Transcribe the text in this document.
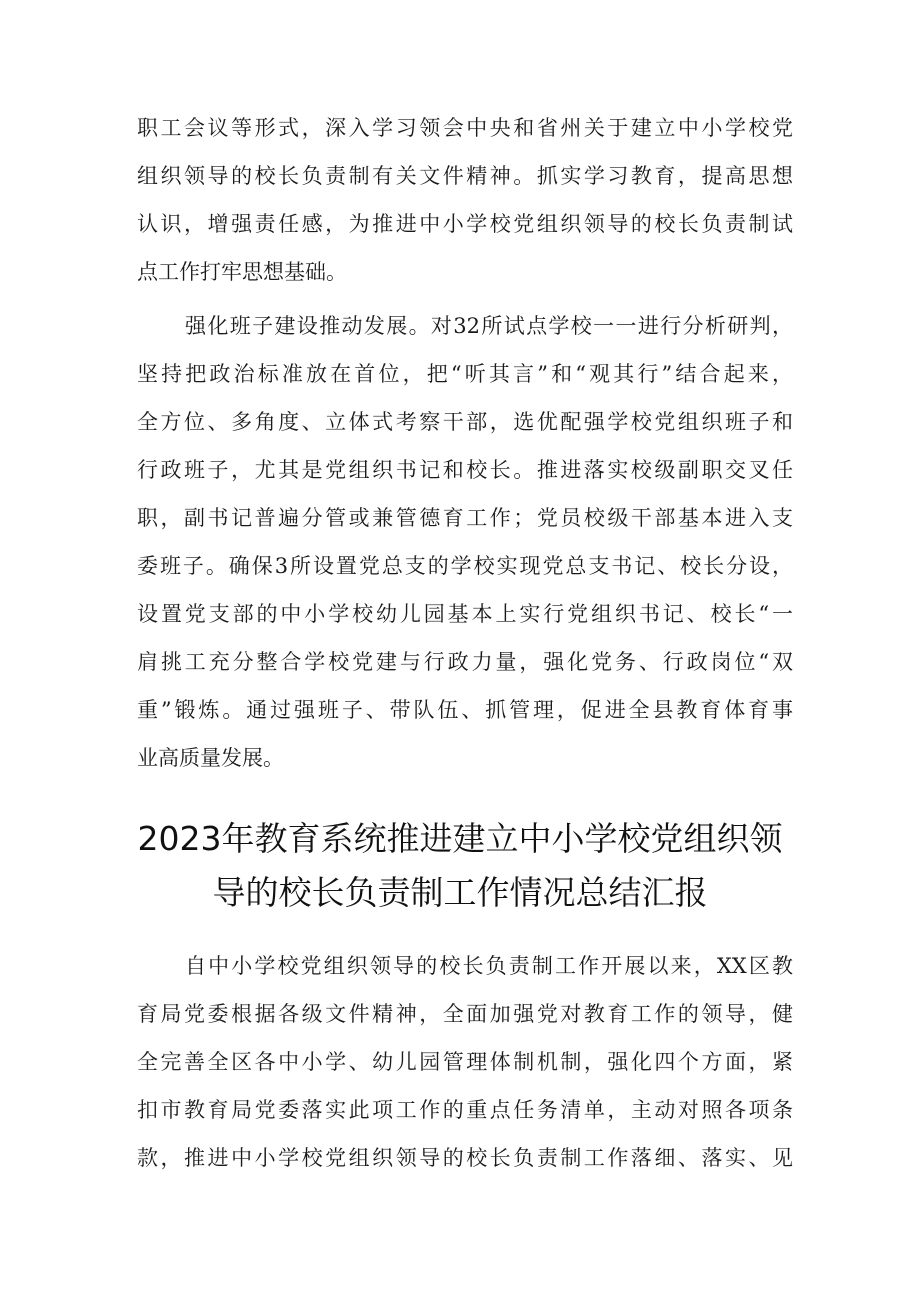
职工会议等形式，深入学习领会中央和省州关于建立中小学校党

组织领导的校长负责制有关文件精神。抓实学习教育，提高思想

认识，增强责任感，为推进中小学校党组织领导的校长负责制试

点工作打牢思想基础。

强化班子建设推动发展。对32所试点学校一一进行分析研判，

坚持把政治标准放在首位，把“听其言”和“观其行”结合起来，

全方位、多角度、立体式考察干部，选优配强学校党组织班子和

行政班子，尤其是党组织书记和校长。推进落实校级副职交叉任

职，副书记普遍分管或兼管德育工作；党员校级干部基本进入支

委班子。确保3所设置党总支的学校实现党总支书记、校长分设，

设置党支部的中小学校幼儿园基本上实行党组织书记、校长“一

肩挑工充分整合学校党建与行政力量，强化党务、行政岗位“双

重”锻炼。通过强班子、带队伍、抓管理，促进全县教育体育事

业高质量发展。

2023年教育系统推进建立中小学校党组织领

导的校长负责制工作情况总结汇报

自中小学校党组织领导的校长负责制工作开展以来，XX区教

育局党委根据各级文件精神，全面加强党对教育工作的领导，健

全完善全区各中小学、幼儿园管理体制机制，强化四个方面，紧

扣市教育局党委落实此项工作的重点任务清单，主动对照各项条

款，推进中小学校党组织领导的校长负责制工作落细、落实、见
